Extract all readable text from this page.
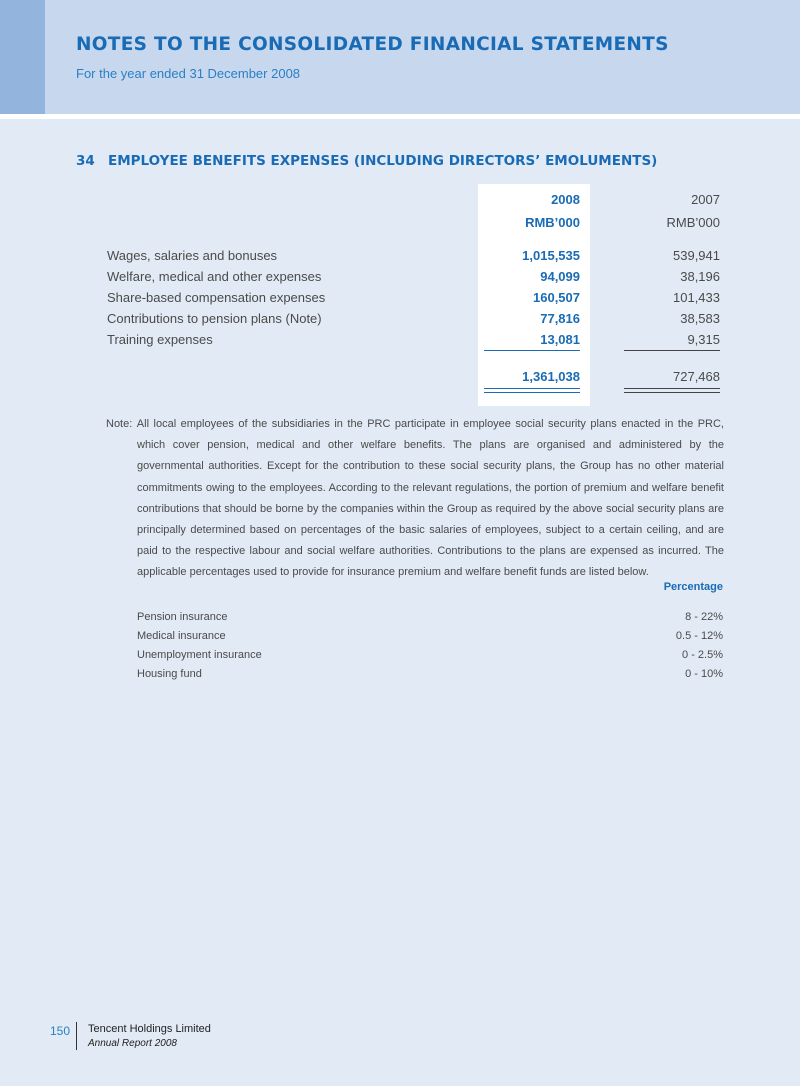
NOTES TO THE CONSOLIDATED FINANCIAL STATEMENTS
For the year ended 31 December 2008
34 EMPLOYEE BENEFITS EXPENSES (INCLUDING DIRECTORS’ EMOLUMENTS)
2008	2007
RMB’000	RMB’000
Wages, salaries and bonuses	1,015,535	539,941
Welfare, medical and other expenses	94,099	38,196
Share-based compensation expenses	160,507	101,433
Contributions to pension plans (Note)	77,816	38,583
Training expenses	13,081	9,315
1,361,038	727,468
Note: All local employees of the subsidiaries in the PRC participate in employee social security plans enacted in the PRC, which cover pension, medical and other welfare benefits. The plans are organised and administered by the governmental authorities. Except for the contribution to these social security plans, the Group has no other material commitments owing to the employees. According to the relevant regulations, the portion of premium and welfare benefit contributions that should be borne by the companies within the Group as required by the above social security plans are principally determined based on percentages of the basic salaries of employees, subject to a certain ceiling, and are paid to the respective labour and social welfare authorities. Contributions to the plans are expensed as incurred. The applicable percentages used to provide for insurance premium and welfare benefit funds are listed below.
Percentage
Pension insurance	8 - 22%
Medical insurance	0.5 - 12%
Unemployment insurance	0 - 2.5%
Housing fund	0 - 10%
150 Tencent Holdings Limited
Annual Report 2008
